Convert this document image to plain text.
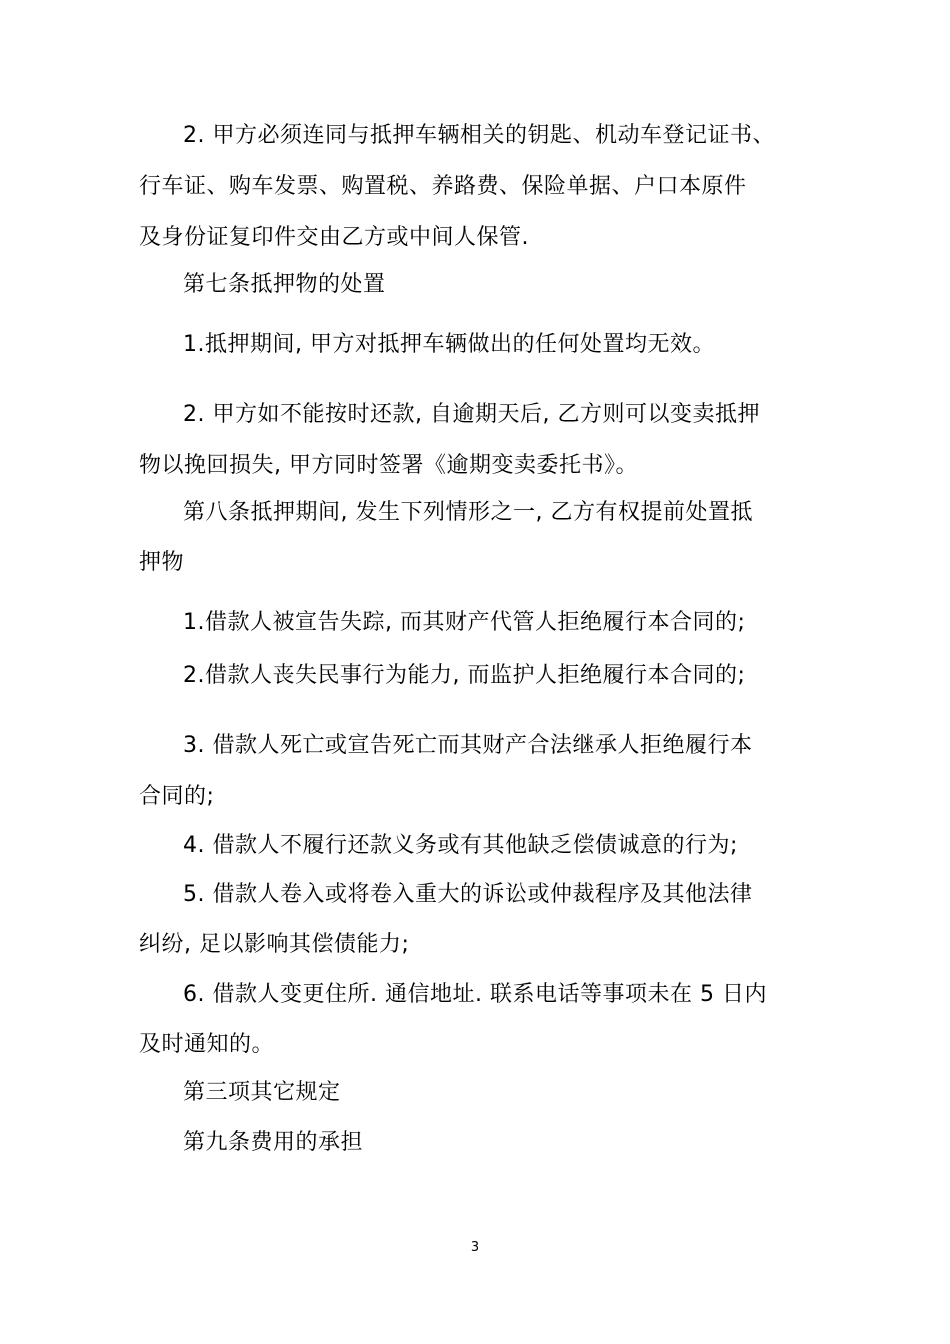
2. 甲方必须连同与抵押车辆相关的钥匙、机动车登记证书、
行车证、购车发票、购置税、养路费、保险单据、户口本原件
及身份证复印件交由乙方或中间人保管.
第七条抵押物的处置
1.抵押期间, 甲方对抵押车辆做出的任何处置均无效。
2. 甲方如不能按时还款, 自逾期天后, 乙方则可以变卖抵押
物以挽回损失, 甲方同时签署《逾期变卖委托书》。
第八条抵押期间, 发生下列情形之一, 乙方有权提前处置抵
押物
1.借款人被宣告失踪, 而其财产代管人拒绝履行本合同的;
2.借款人丧失民事行为能力, 而监护人拒绝履行本合同的;
3. 借款人死亡或宣告死亡而其财产合法继承人拒绝履行本
合同的;
4. 借款人不履行还款义务或有其他缺乏偿债诚意的行为;
5. 借款人卷入或将卷入重大的诉讼或仲裁程序及其他法律
纠纷, 足以影响其偿债能力;
6. 借款人变更住所. 通信地址. 联系电话等事项未在 5 日内
及时通知的。
第三项其它规定
第九条费用的承担
3
